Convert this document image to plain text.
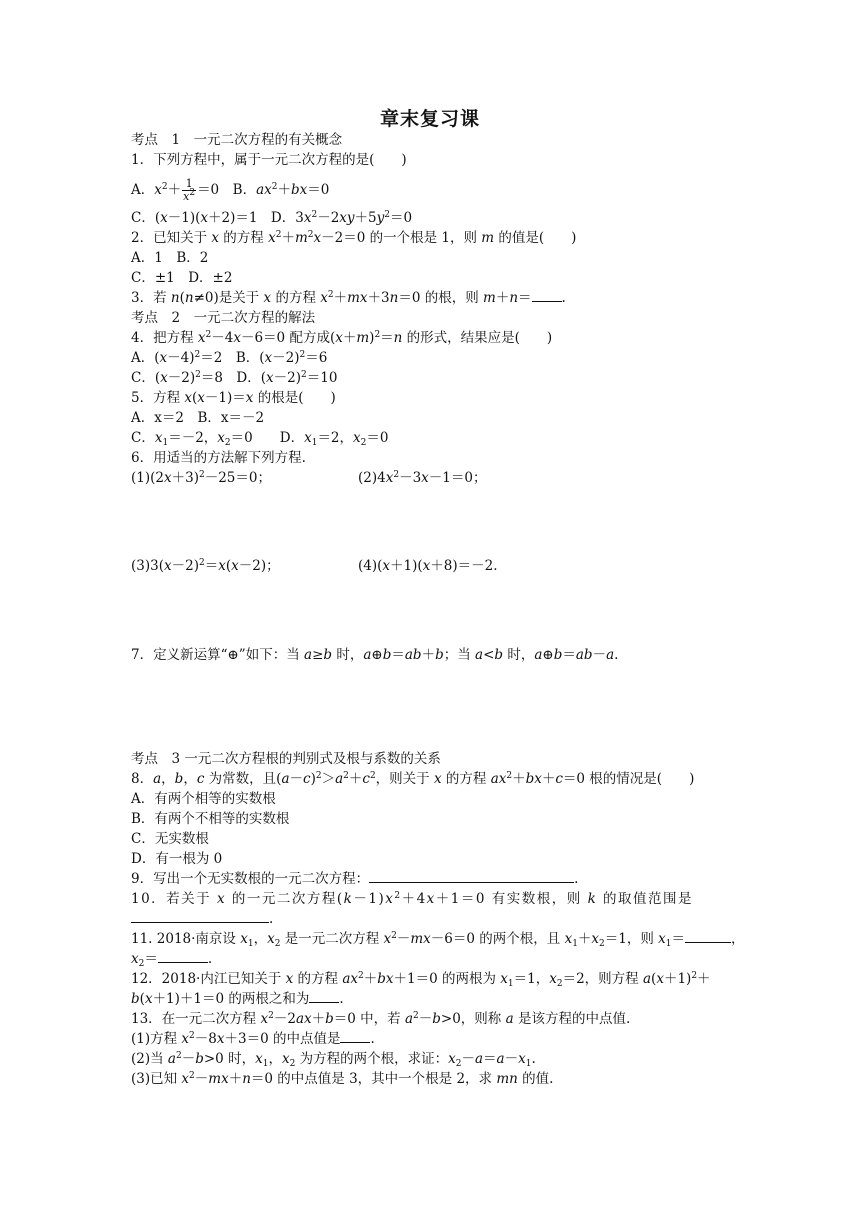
章末复习课
考点　1　一元二次方程的有关概念
1．下列方程中，属于一元二次方程的是(　　)
A．$x^2+ \frac{1}{x^2} =0$　B．$ax^2+bx=0$
C．(x－1)(x＋2)＝1　D．$3x^2-2xy+5y^2=0$
2．已知关于 x 的方程 $x^2+m^2x-2=0$ 的一个根是 1，则 m 的值是(　　)
A．1　B．2
C．±1　D．±2
3．若 n(n≠0)是关于 x 的方程 $x^2+mx+3n=0$ 的根，则 m＋n＝ .
考点　2　一元二次方程的解法
4．把方程 $x^2-4x-6=0$ 配方成$(x+m)^2=n$ 的形式，结果应是(　　)
A．$(x-4)^2=2$　B．$(x-2)^2=6$
C．$(x-2)^2=8$　D．$(x-2)^2=10$
5．方程 x(x－1)＝x 的根是(　　)
A．x＝2　B．x＝－2
C．$x_1=-2$，$x_2=0$　　D．$x_1=2$，$x_2=0$
6．用适当的方法解下列方程.
$(1)(2x+3)^2-25=0$；	$(2)4x^2-3x-1=0$；
$(3)3(x-2)^2=x(x-2)$；	(4)(x＋1)(x＋8)＝－2.
7．定义新运算“⊕”如下：当 a≥b 时，a⊕b＝ab＋b；当 a<b 时，a⊕b＝ab－a.
考点　3 一元二次方程根的判别式及根与系数的关系
8．a，b，c 为常数，且$(a-c)^2>a^2+c^2$，则关于 x 的方程 $ax^2+bx+c=0$ 根的情况是(　　)
A．有两个相等的实数根
B．有两个不相等的实数根
C．无实数根
D．有一根为 0
9．写出一个无实数根的一元二次方程：	.
10．若关于 x 的一元二次方程$(k-1)x^2+4x+1=0$ 有实数根，则 k 的取值范围是
.
11. 2018·南京设 $x_1$，$x_2$ 是一元二次方程 $x^2-mx-6=0$ 的两个根，且 $x_1+x_2=1$，则 $x_1=$	，
$x_2=$	.
12．2018·内江已知关于 x 的方程 $ax^2+bx+1=0$ 的两根为 $x_1=1$，$x_2=2$，则方程 $a(x+1)^2+$
b(x＋1)＋1＝0 的两根之和为 .
13．在一元二次方程 $x^2-2ax+b=0$ 中，若 $a^2-b>0$，则称 a 是该方程的中点值.
(1)方程 $x^2-8x+3=0$ 的中点值是 .
(2)当 $a^2-b>0$ 时，$x_1$，$x_2$ 为方程的两个根，求证：$x_2-a=a-x_1$.
(3)已知 $x^2-mx+n=0$ 的中点值是 3，其中一个根是 2，求 mn 的值.
